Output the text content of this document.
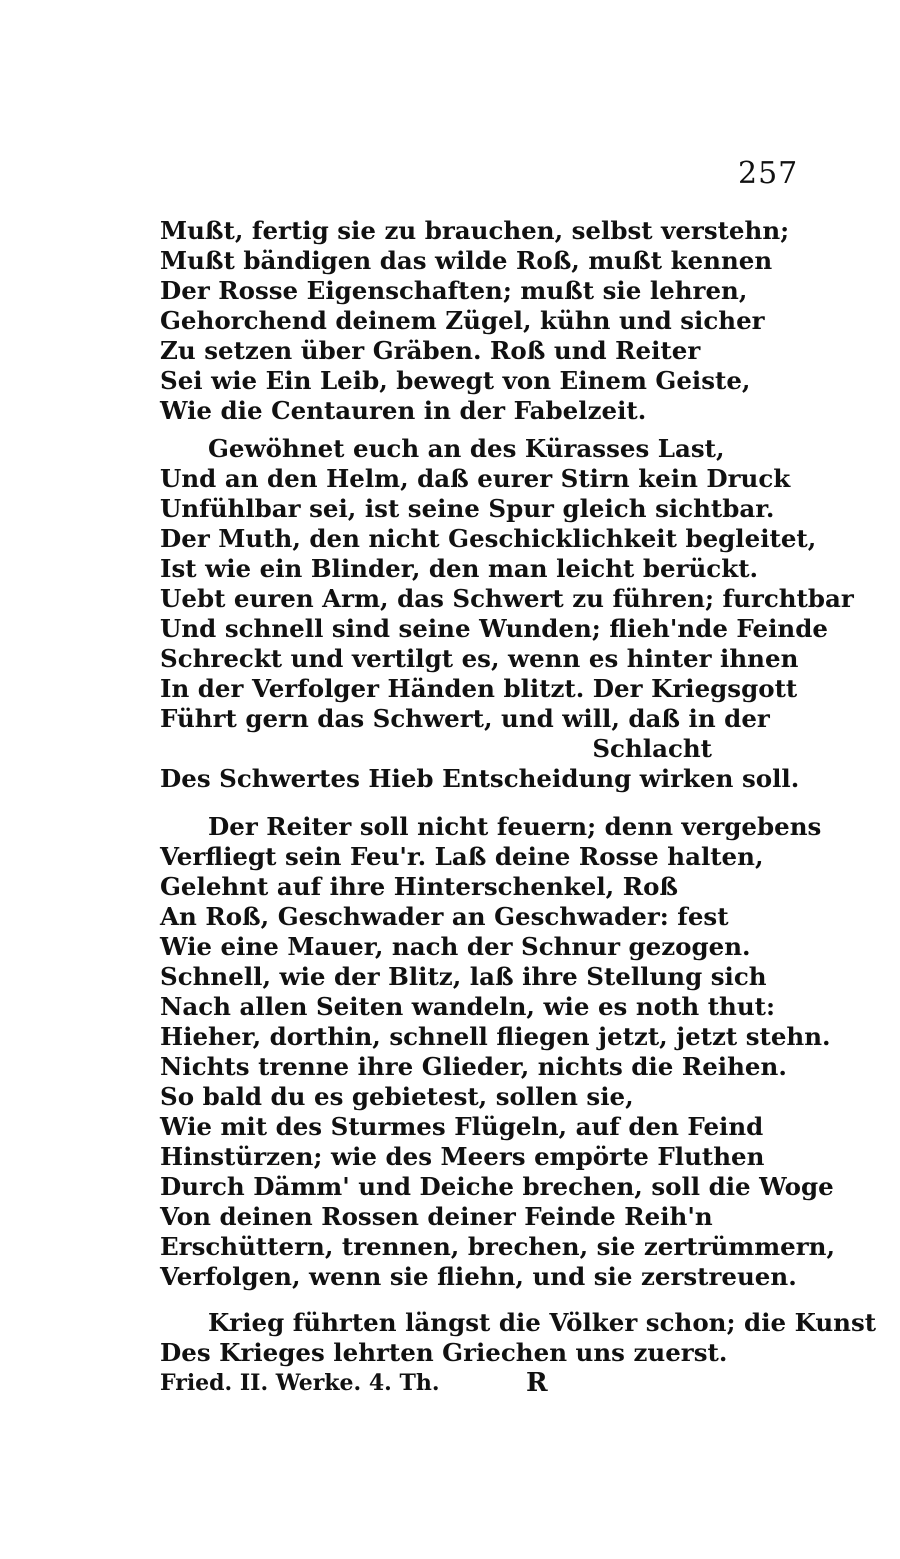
257
Mußt, fertig sie zu brauchen, selbst verstehn;
Mußt bändigen das wilde Roß, mußt kennen
Der Rosse Eigenschaften; mußt sie lehren,
Gehorchend deinem Zügel, kühn und sicher
Zu setzen über Gräben. Roß und Reiter
Sei wie Ein Leib, bewegt von Einem Geiste,
Wie die Centauren in der Fabelzeit.
Gewöhnet euch an des Kürasses Last,
Und an den Helm, daß eurer Stirn kein Druck
Unfühlbar sei, ist seine Spur gleich sichtbar.
Der Muth, den nicht Geschicklichkeit begleitet,
Ist wie ein Blinder, den man leicht berückt.
Uebt euren Arm, das Schwert zu führen; furchtbar
Und schnell sind seine Wunden; flieh'nde Feinde
Schreckt und vertilgt es, wenn es hinter ihnen
In der Verfolger Händen blitzt. Der Kriegsgott
Führt gern das Schwert, und will, daß in der
Schlacht
Des Schwertes Hieb Entscheidung wirken soll.
Der Reiter soll nicht feuern; denn vergebens
Verfliegt sein Feu'r. Laß deine Rosse halten,
Gelehnt auf ihre Hinterschenkel, Roß
An Roß, Geschwader an Geschwader: fest
Wie eine Mauer, nach der Schnur gezogen.
Schnell, wie der Blitz, laß ihre Stellung sich
Nach allen Seiten wandeln, wie es noth thut:
Hieher, dorthin, schnell fliegen jetzt, jetzt stehn.
Nichts trenne ihre Glieder, nichts die Reihen.
So bald du es gebietest, sollen sie,
Wie mit des Sturmes Flügeln, auf den Feind
Hinstürzen; wie des Meers empörte Fluthen
Durch Dämm' und Deiche brechen, soll die Woge
Von deinen Rossen deiner Feinde Reih'n
Erschüttern, trennen, brechen, sie zertrümmern,
Verfolgen, wenn sie fliehn, und sie zerstreuen.
Krieg führten längst die Völker schon; die Kunst
Des Krieges lehrten Griechen uns zuerst.
Fried. II. Werke. 4. Th.	R
